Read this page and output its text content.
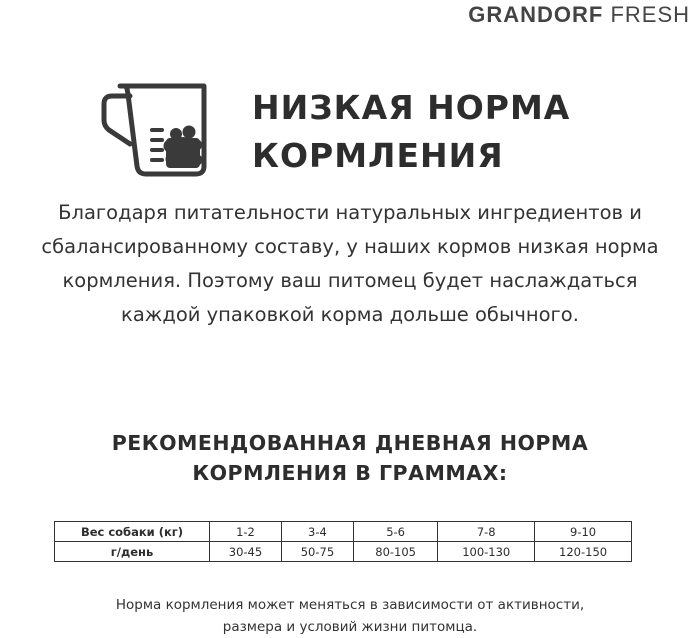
GRANDORF FRESH
НИЗКАЯ НОРМА
КОРМЛЕНИЯ

Благодаря питательности натуральных ингредиентов и
сбалансированному составу, у наших кормов низкая норма
кормления. Поэтому ваш питомец будет наслаждаться
каждой упаковкой корма дольше обычного.

РЕКОМЕНДОВАННАЯ ДНЕВНАЯ НОРМА
КОРМЛЕНИЯ В ГРАММАХ:
Вес собаки (кг)	1-2	3-4	5-6	7-8	9-10
г/день	30-45	50-75	80-105	100-130	120-150

Норма кормления может меняться в зависимости от активности,
размера и условий жизни питомца.
